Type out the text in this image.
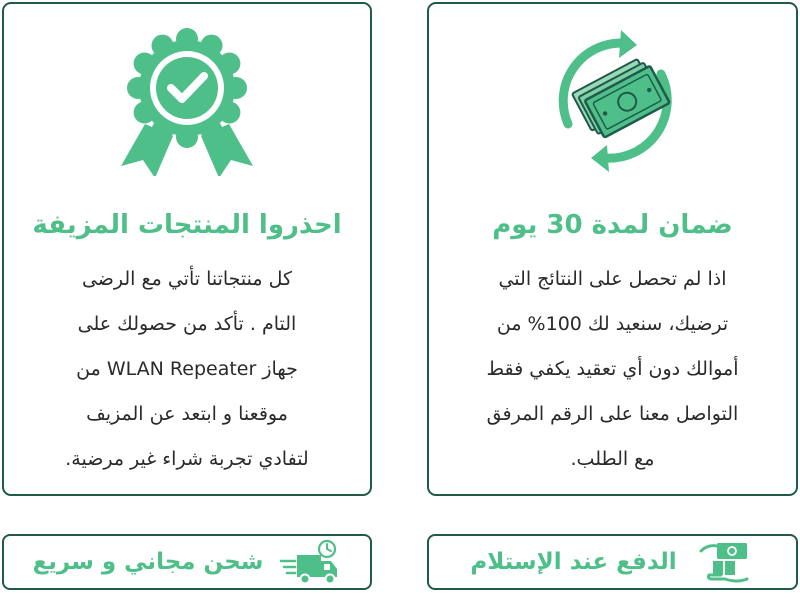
احذروا المنتجات المزيفة
كل منتجاتنا تأتي مع الرضى
التام . تأكد من حصولك على
جهاز WLAN Repeater من
موقعنا و ابتعد عن المزيف
لتفادي تجربة شراء غير مرضية.
ضمان لمدة 30 يوم
اذا لم تحصل على النتائج التي
ترضيك، سنعيد لك 100% من
أموالك دون أي تعقيد يكفي فقط
التواصل معنا على الرقم المرفق
مع الطلب.
شحن مجاني و سريع	الدفع عند الإستلام
